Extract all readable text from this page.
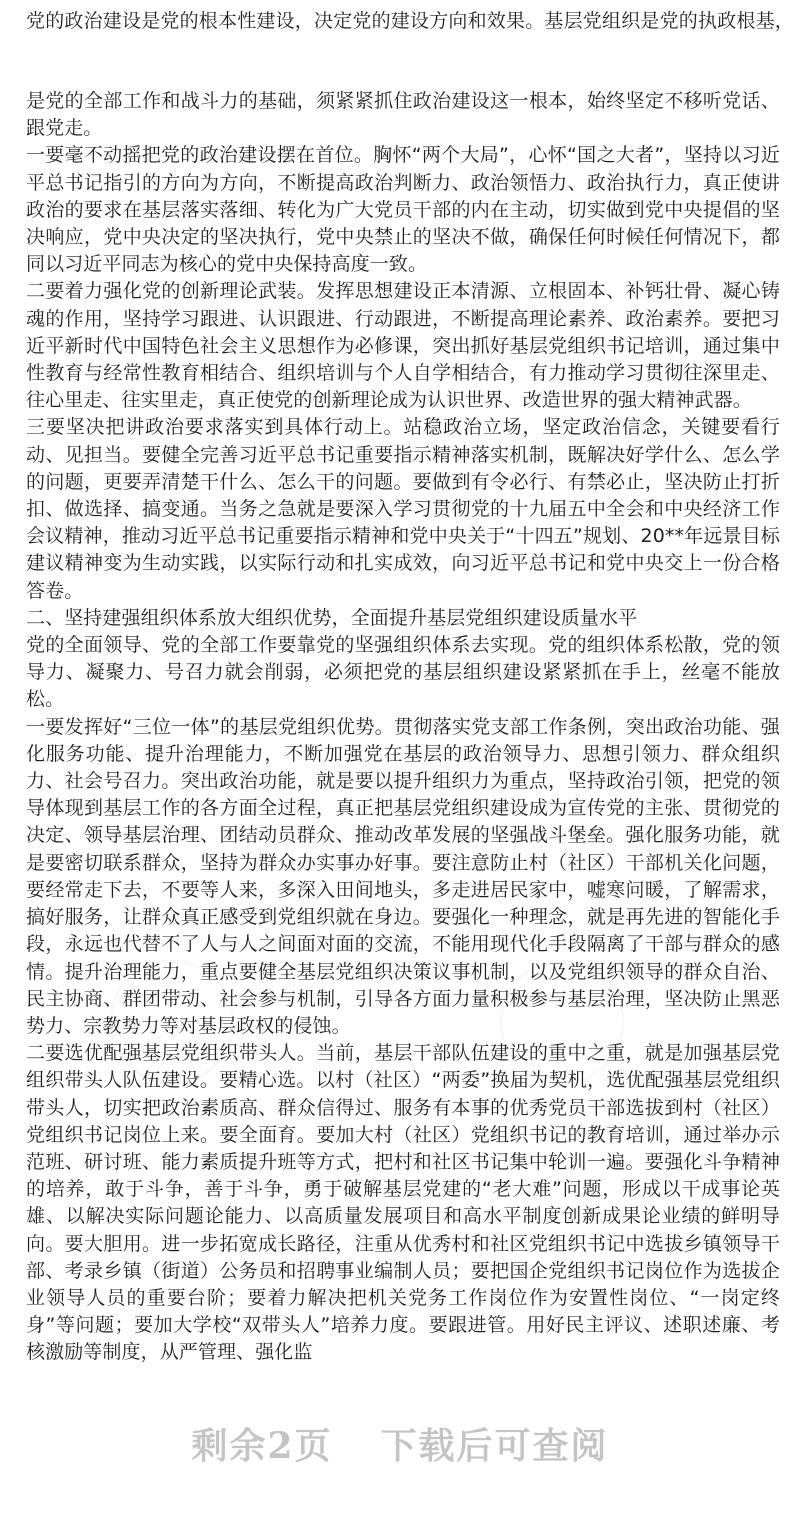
党的政治建设是党的根本性建设，决定党的建设方向和效果。基层党组织是党的执政根基，

是党的全部工作和战斗力的基础，须紧紧抓住政治建设这一根本，始终坚定不移听党话、跟党走。

一要毫不动摇把党的政治建设摆在首位。胸怀“两个大局”，心怀“国之大者”，坚持以习近平总书记指引的方向为方向，不断提高政治判断力、政治领悟力、政治执行力，真正使讲政治的要求在基层落实落细、转化为广大党员干部的内在主动，切实做到党中央提倡的坚决响应，党中央决定的坚决执行，党中央禁止的坚决不做，确保任何时候任何情况下，都同以习近平同志为核心的党中央保持高度一致。

二要着力强化党的创新理论武装。发挥思想建设正本清源、立根固本、补钙壮骨、凝心铸魂的作用，坚持学习跟进、认识跟进、行动跟进，不断提高理论素养、政治素养。要把习近平新时代中国特色社会主义思想作为必修课，突出抓好基层党组织书记培训，通过集中性教育与经常性教育相结合、组织培训与个人自学相结合，有力推动学习贯彻往深里走、往心里走、往实里走，真正使党的创新理论成为认识世界、改造世界的强大精神武器。

三要坚决把讲政治要求落实到具体行动上。站稳政治立场，坚定政治信念，关键要看行动、见担当。要健全完善习近平总书记重要指示精神落实机制，既解决好学什么、怎么学的问题，更要弄清楚干什么、怎么干的问题。要做到有令必行、有禁必止，坚决防止打折扣、做选择、搞变通。当务之急就是要深入学习贯彻党的十九届五中全会和中央经济工作会议精神，推动习近平总书记重要指示精神和党中央关于“十四五”规划、20**年远景目标建议精神变为生动实践，以实际行动和扎实成效，向习近平总书记和党中央交上一份合格答卷。

二、坚持建强组织体系放大组织优势，全面提升基层党组织建设质量水平

党的全面领导、党的全部工作要靠党的坚强组织体系去实现。党的组织体系松散，党的领导力、凝聚力、号召力就会削弱，必须把党的基层组织建设紧紧抓在手上，丝毫不能放松。

一要发挥好“三位一体”的基层党组织优势。贯彻落实党支部工作条例，突出政治功能、强化服务功能、提升治理能力，不断加强党在基层的政治领导力、思想引领力、群众组织力、社会号召力。突出政治功能，就是要以提升组织力为重点，坚持政治引领，把党的领导体现到基层工作的各方面全过程，真正把基层党组织建设成为宣传党的主张、贯彻党的决定、领导基层治理、团结动员群众、推动改革发展的坚强战斗堡垒。强化服务功能，就是要密切联系群众，坚持为群众办实事办好事。要注意防止村（社区）干部机关化问题，要经常走下去，不要等人来，多深入田间地头，多走进居民家中，嘘寒问暖，了解需求，搞好服务，让群众真正感受到党组织就在身边。要强化一种理念，就是再先进的智能化手段，永远也代替不了人与人之间面对面的交流，不能用现代化手段隔离了干部与群众的感情。提升治理能力，重点要健全基层党组织决策议事机制，以及党组织领导的群众自治、民主协商、群团带动、社会参与机制，引导各方面力量积极参与基层治理，坚决防止黑恶势力、宗教势力等对基层政权的侵蚀。

二要选优配强基层党组织带头人。当前，基层干部队伍建设的重中之重，就是加强基层党组织带头人队伍建设。要精心选。以村（社区）“两委”换届为契机，选优配强基层党组织带头人，切实把政治素质高、群众信得过、服务有本事的优秀党员干部选拔到村（社区）党组织书记岗位上来。要全面育。要加大村（社区）党组织书记的教育培训，通过举办示范班、研讨班、能力素质提升班等方式，把村和社区书记集中轮训一遍。要强化斗争精神的培养，敢于斗争，善于斗争，勇于破解基层党建的“老大难”问题，形成以干成事论英雄、以解决实际问题论能力、以高质量发展项目和高水平制度创新成果论业绩的鲜明导向。要大胆用。进一步拓宽成长路径，注重从优秀村和社区党组织书记中选拔乡镇领导干部、考录乡镇（街道）公务员和招聘事业编制人员；要把国企党组织书记岗位作为选拔企业领导人员的重要台阶；要着力解决把机关党务工作岗位作为安置性岗位、“一岗定终身”等问题；要加大学校“双带头人”培养力度。要跟进管。用好民主评议、述职述廉、考核激励等制度，从严管理、强化监

剩余2页 下载后可查阅
